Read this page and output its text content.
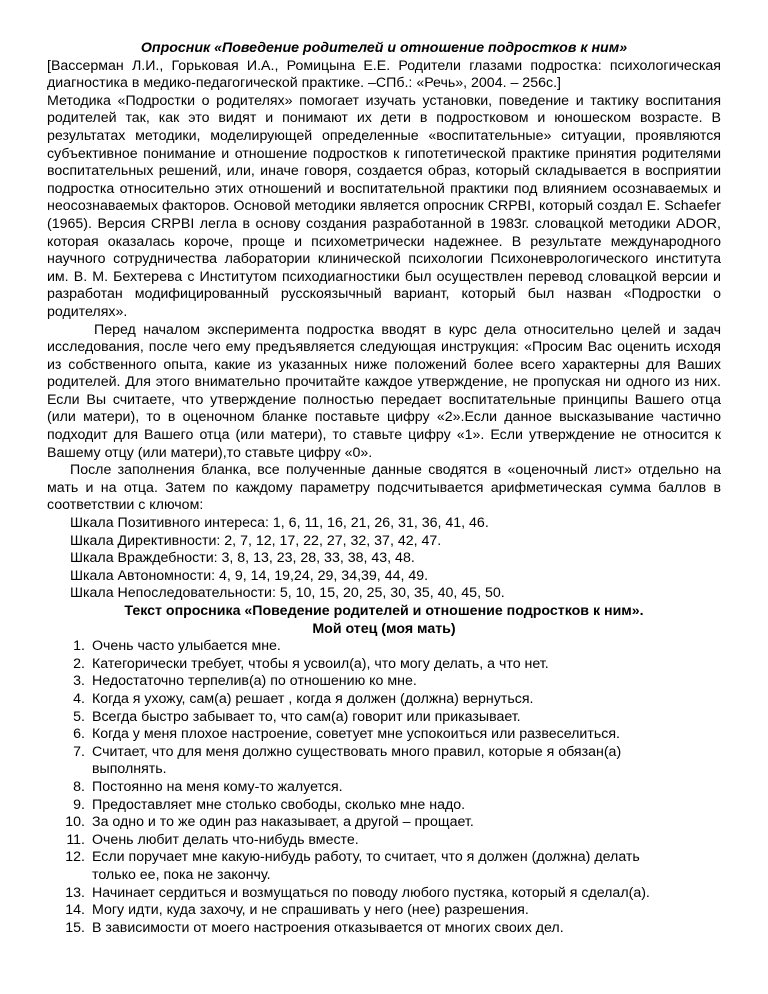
Опросник «Поведение родителей и отношение подростков к ним»

[Вассерман Л.И., Горьковая И.А., Ромицына Е.Е. Родители глазами подростка: психологическая диагностика в медико-педагогической практике. –СПб.: «Речь», 2004. – 256с.]

Методика «Подростки о родителях» помогает изучать установки, поведение и тактику воспитания родителей так, как это видят и понимают их дети в подростковом и юношеском возрасте. В результатах методики, моделирующей определенные «воспитательные» ситуации, проявляются субъективное понимание и отношение подростков к гипотетической практике принятия родителями воспитательных решений, или, иначе говоря, создается образ, который складывается в восприятии подростка относительно этих отношений и воспитательной практики под влиянием осознаваемых и неосознаваемых факторов. Основой методики является опросник CRPBI, который создал E. Schaefer (1965). Версия CRPBI легла в основу создания разработанной в 1983г. словацкой методики ADOR, которая оказалась короче, проще и психометрически надежнее. В результате международного научного сотрудничества лаборатории клинической психологии Психоневрологического института им. В. М. Бехтерева с Институтом психодиагностики был осуществлен перевод словацкой версии и разработан модифицированный русскоязычный вариант, который был назван «Подростки о родителях».

Перед началом эксперимента подростка вводят в курс дела относительно целей и задач исследования, после чего ему предъявляется следующая инструкция: «Просим Вас оценить исходя из собственного опыта, какие из указанных ниже положений более всего характерны для Ваших родителей. Для этого внимательно прочитайте каждое утверждение, не пропуская ни одного из них. Если Вы считаете, что утверждение полностью передает воспитательные принципы Вашего отца (или матери), то в оценочном бланке поставьте цифру «2».Если данное высказывание частично подходит для Вашего отца (или матери), то ставьте цифру «1». Если утверждение не относится к Вашему отцу (или матери),то ставьте цифру «0».

После заполнения бланка, все полученные данные сводятся в «оценочный лист» отдельно на мать и на отца. Затем по каждому параметру подсчитывается арифметическая сумма баллов в соответствии с ключом:

Шкала Позитивного интереса: 1, 6, 11, 16, 21, 26, 31, 36, 41, 46.

Шкала Директивности: 2, 7, 12, 17, 22, 27, 32, 37, 42, 47.

Шкала Враждебности: 3, 8, 13, 23, 28, 33, 38, 43, 48.

Шкала Автономности: 4, 9, 14, 19,24, 29, 34,39, 44, 49.

Шкала Непоследовательности: 5, 10, 15, 20, 25, 30, 35, 40, 45, 50.

Текст опросника «Поведение родителей и отношение подростков к ним».

Мой отец (моя мать)

1. Очень часто улыбается мне.
2. Категорически требует, чтобы я усвоил(а), что могу делать, а что нет.
3. Недостаточно терпелив(а) по отношению ко мне.
4. Когда я ухожу, сам(а) решает , когда я должен (должна) вернуться.
5. Всегда быстро забывает то, что сам(а) говорит или приказывает.
6. Когда у меня плохое настроение, советует мне успокоиться или развеселиться.
7. Считает, что для меня должно существовать много правил, которые я обязан(а) выполнять.
8. Постоянно на меня кому-то жалуется.
9. Предоставляет мне столько свободы, сколько мне надо.
10. За одно и то же один раз наказывает, а другой – прощает.
11. Очень любит делать что-нибудь вместе.
12. Если поручает мне какую-нибудь работу, то считает, что я должен (должна) делать только ее, пока не закончу.
13. Начинает сердиться и возмущаться по поводу любого пустяка, который я сделал(а).
14. Могу идти, куда захочу, и не спрашивать у него (нее) разрешения.
15. В зависимости от моего настроения отказывается от многих своих дел.
